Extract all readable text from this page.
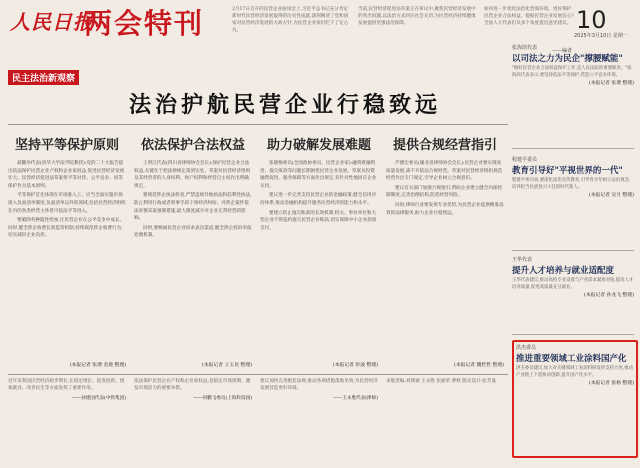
人民日报
两会特刊	2月17日召开的民营企业座谈会上,习近平总书记充分肯定新时代民营经济发展取得的历史性成就,深刻阐述了党和国家对民营经济发展的大政方针,为民营企业家们吃下了定心丸。
当前,民营经济促进法草案正在审议中,聚焦民营经济发展中的突出问题,以法治方式回应社会关切,为民营经济持续健康发展提供坚强法治保障。
如何进一步优化法治化营商环境、更好保护民营企业合法权益、提振民营企业发展信心?全国人大代表们从多个角度提出意见建议。
——编者
10
2025年3月10日 星期一
民主法治新观察
法治护航民营企业行稳致远
坚持平等保护原则	依法保护合法权益	助力破解发展难题	提供合规经营指引

聂鹏举代表(清华大学法学院教授):党的二十大报告提出依法保护民营企业产权和企业家权益,促进民营经济发展壮大。民营经济促进法草案将平等对待、公平竞争、同等保护作为基本原则。

平等保护首先体现在市场准入上。应当全面实施市场准入负面清单制度,负面清单以外的领域,包括民营经济组织在内的各类经营主体皆可依法平等进入。

要破除各种隐性壁垒,让民营企业在公平竞争中成长。同时,健全涉企收费长效监管机制,持续规范涉企收费行为,切实减轻企业负担。

(本报记者 张璁 金鹿 整理)

王明江代表(四川省律师协会会长):保护民营企业合法权益,关键在于把法律规定落到实处。草案对民营经济组织及其经营者的人身权利、财产权利和经营自主权作出明确规定。

要规范涉企执法检查,严禁违规异地执法和趋利性执法,防止利用行政或者刑事手段干预经济纠纷。对涉企案件依法审慎采取强制措施,最大限度减少对企业正常经营的影响。

同时,要畅通民营企业诉求表达渠道,健全涉企投诉举报处理机制。

(本报记者 亓玉昆 整理)

张晓梅委员(全国政协委员、民营企业家):融资难融资贵、拖欠账款等问题长期困扰民营企业发展。草案从投资融资促进、服务保障等方面作出规定,有针对性地回应企业关切。

建议进一步完善支持民营企业的金融政策,健全信用评价体系,推动金融机构提升服务民营经济的能力和水平。

要建立防止拖欠账款的长效机制,机关、事业单位和大型企业不得违约拖欠民营企业账款,切实保障中小企业款项支付。

(本报记者 彭波 整理)

芦德宏委员(湖北省律师协会会长):民营企业要实现高质量发展,离不开依法合规经营。草案对民营经济组织规范经营作出专门规定,引导企业树立合规意识。

建议有关部门加强合规指引,帮助企业建立健全内部控制制度,完善治理结构,防范经营风险。

同时,律师行业要发挥专业优势,为民营企业提供精准高效的法律服务,助力企业行稳致远。

(本报记者 魏哲哲 整理)

近年来我国民营经济稳步增长,在稳定增长、促进创新、增加就业、改善民生等方面发挥了重要作用。

——孙建国代表(中铁集团)

依法保护民营企业产权和企业家权益,是稳定市场预期、激发市场活力的重要举措。

——何鹏飞委员(上海科技园)

建议加快完善配套法规,推动各项措施落地见效,为民营经济发展营造更好环境。

——王永胜代表(律师)

本版责编:刘博通 王永胜 张丽荣 曹秋 版式设计:张芳曼

张海滨代表

以司法之力为民企"撑腰赋能"

"做好民营企业合法权益保护工作,是人民法院的重要职责。"张海滨代表表示,要坚持依法平等保护,营造公平竞争环境。
(本报记者 张璁 整理)

程建平委员

教育引导好"平视世界的一代"

程建平委员说,要深化法治宣传教育,引导青少年树立法治观念,培养担当民族复兴大任的时代新人。
(本报记者 吴月 整理)

王华代表

提升人才培养与就业适配度

王华代表建议,推动高校专业设置与产业需求紧密对接,提高人才培养质量,促进高质量充分就业。
(本报记者 孙龙飞 整理)

洪杰委员

推进重要领域工业涂料国产化

洪杰委员建议,加大对关键领域工业涂料研发的支持力度,推动产业链上下游协同创新,提升国产化水平。
(本报记者 张杨 整理)
